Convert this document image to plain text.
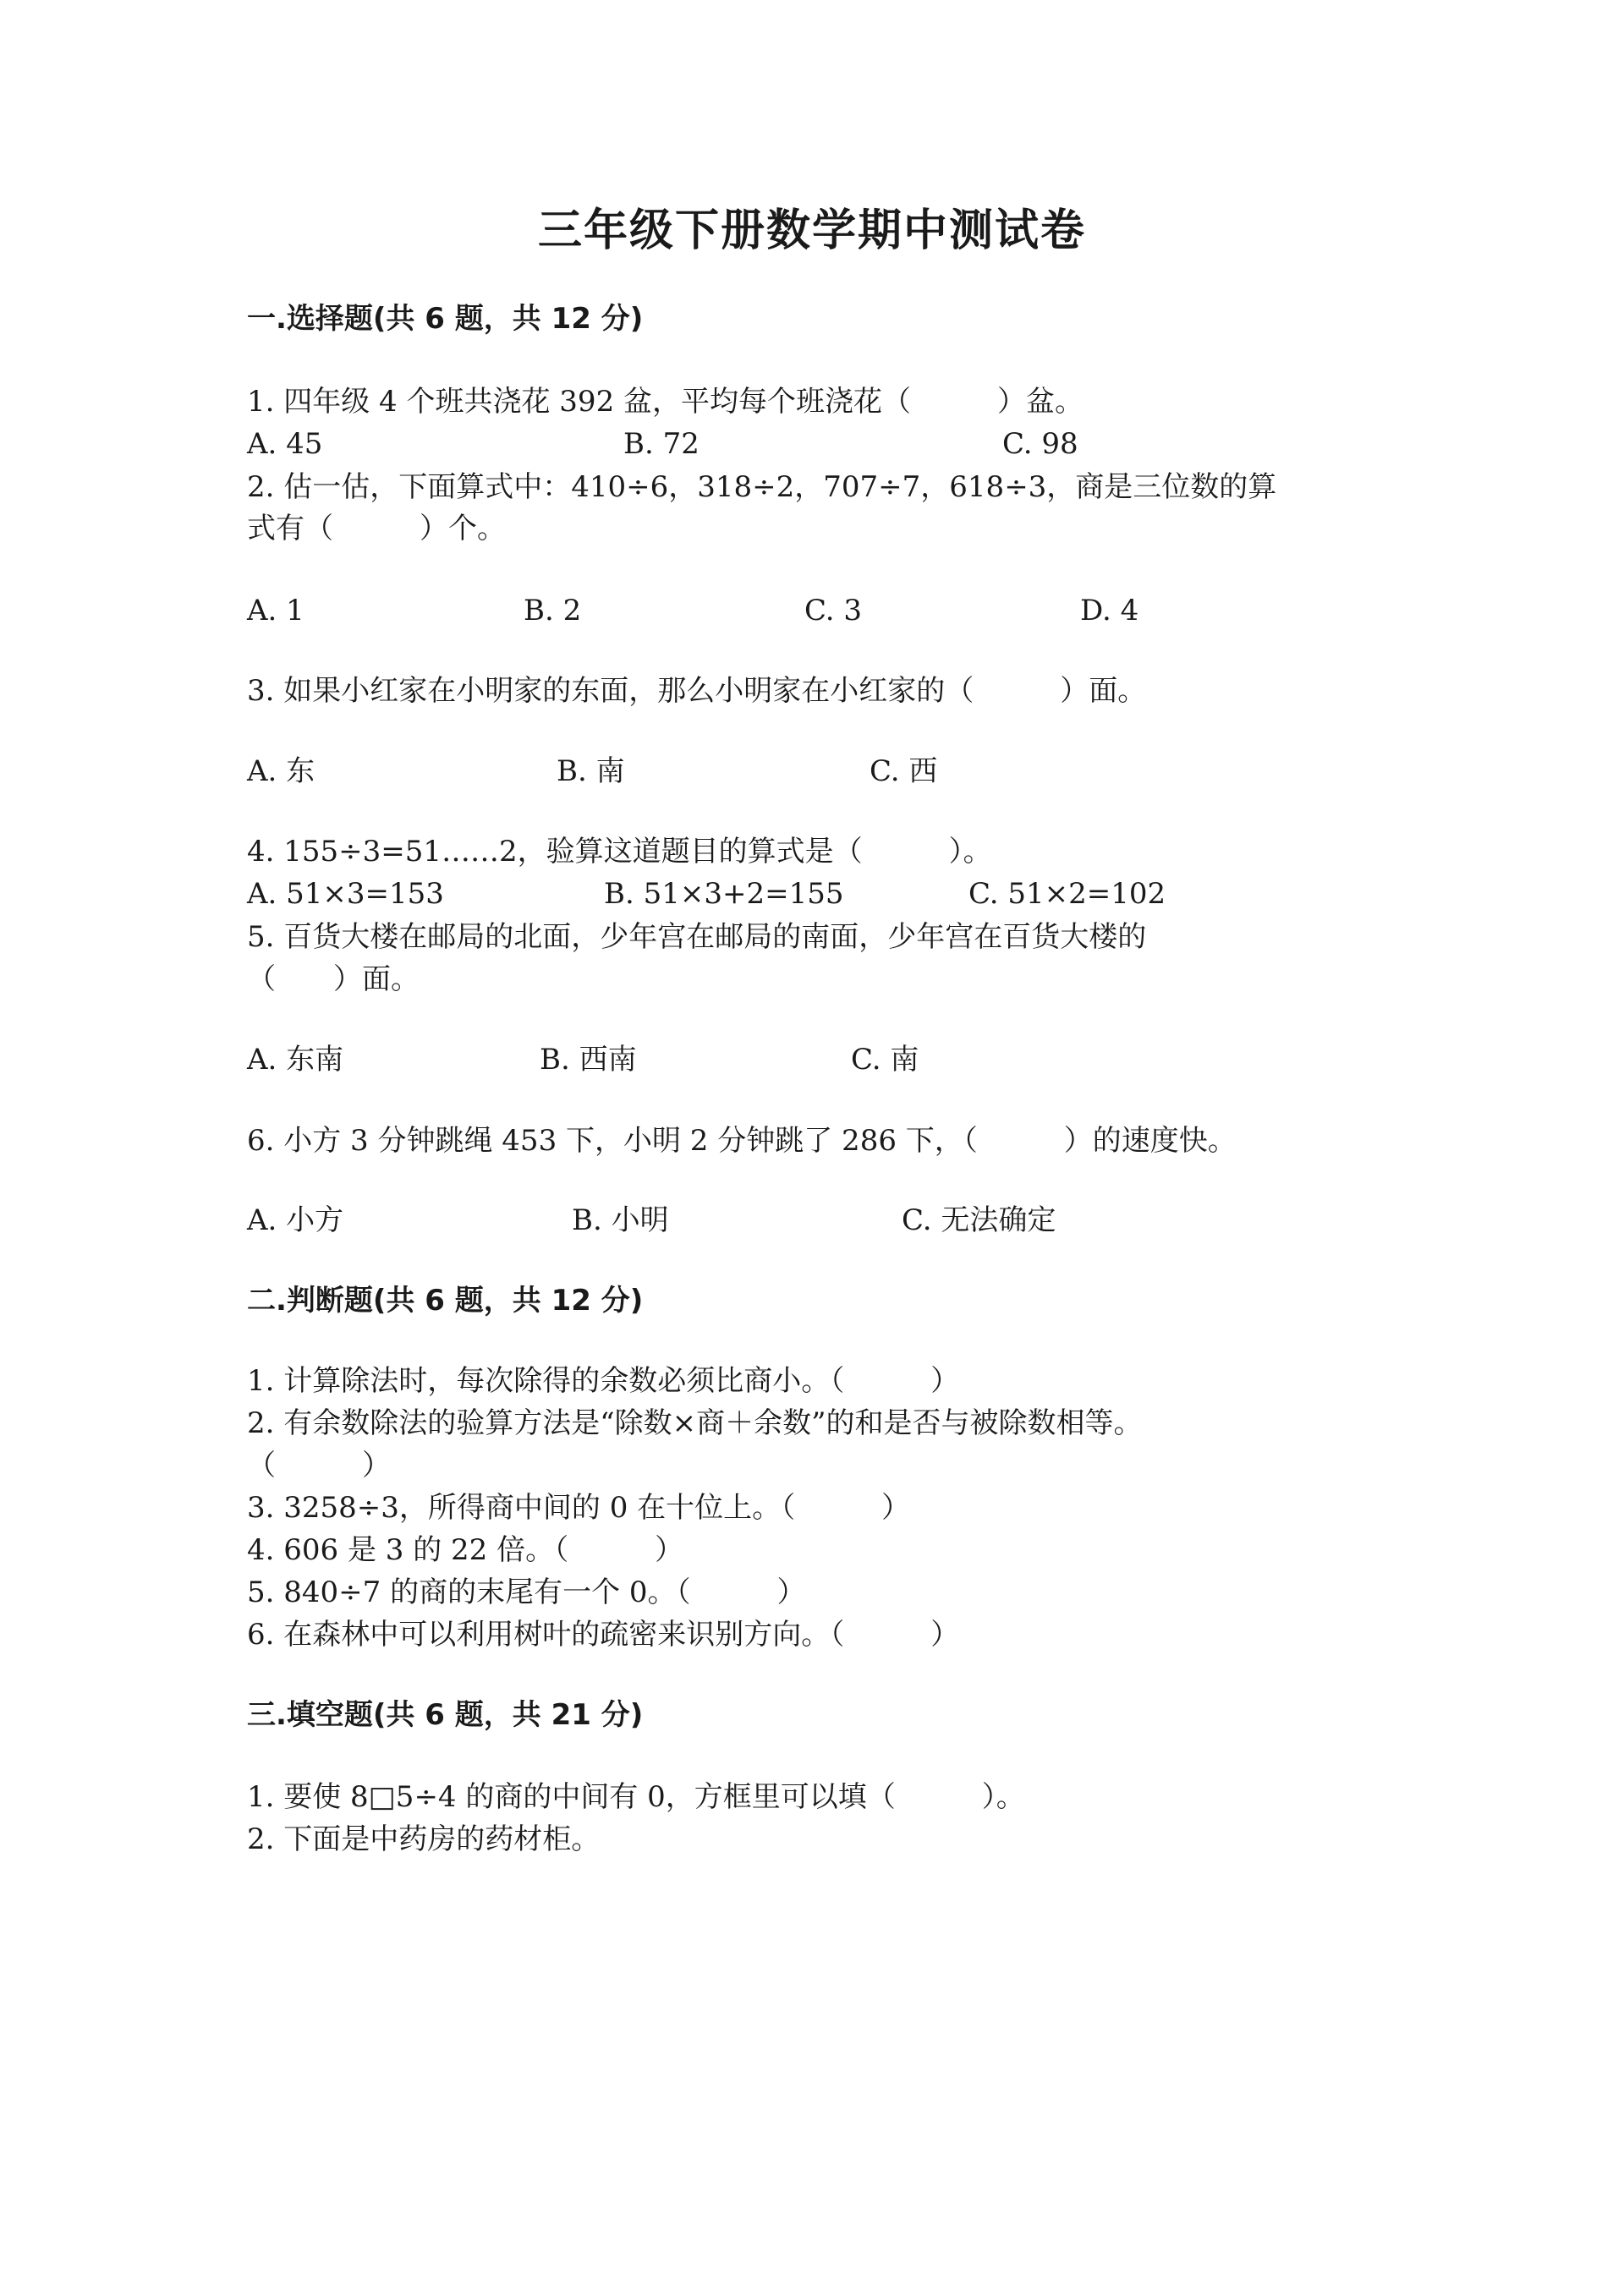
三年级下册数学期中测试卷
一.选择题(共 6 题，共 12 分)
1. 四年级 4 个班共浇花 392 盆，平均每个班浇花（　　　）盆。
A. 45	B. 72	C. 98
2. 估一估，下面算式中：410÷6，318÷2，707÷7，618÷3，商是三位数的算
式有（　　　）个。
A. 1	B. 2	C. 3	D. 4
3. 如果小红家在小明家的东面，那么小明家在小红家的（　　　）面。
A. 东	B. 南	C. 西
4. 155÷3=51……2，验算这道题目的算式是（　　　）。
A. 51×3=153	B. 51×3+2=155	C. 51×2=102
5. 百货大楼在邮局的北面，少年宫在邮局的南面，少年宫在百货大楼的
（　　）面。
A. 东南	B. 西南	C. 南
6. 小方 3 分钟跳绳 453 下，小明 2 分钟跳了 286 下，（　　　）的速度快。
A. 小方	B. 小明	C. 无法确定
二.判断题(共 6 题，共 12 分)
1. 计算除法时，每次除得的余数必须比商小。（　　　）
2. 有余数除法的验算方法是“除数×商＋余数”的和是否与被除数相等。
（　　　）
3. 3258÷3，所得商中间的 0 在十位上。（　　　）
4. 606 是 3 的 22 倍。（　　　）
5. 840÷7 的商的末尾有一个 0。（　　　）
6. 在森林中可以利用树叶的疏密来识别方向。（　　　）
三.填空题(共 6 题，共 21 分)
1. 要使 8□5÷4 的商的中间有 0，方框里可以填（　　　）。
2. 下面是中药房的药材柜。
